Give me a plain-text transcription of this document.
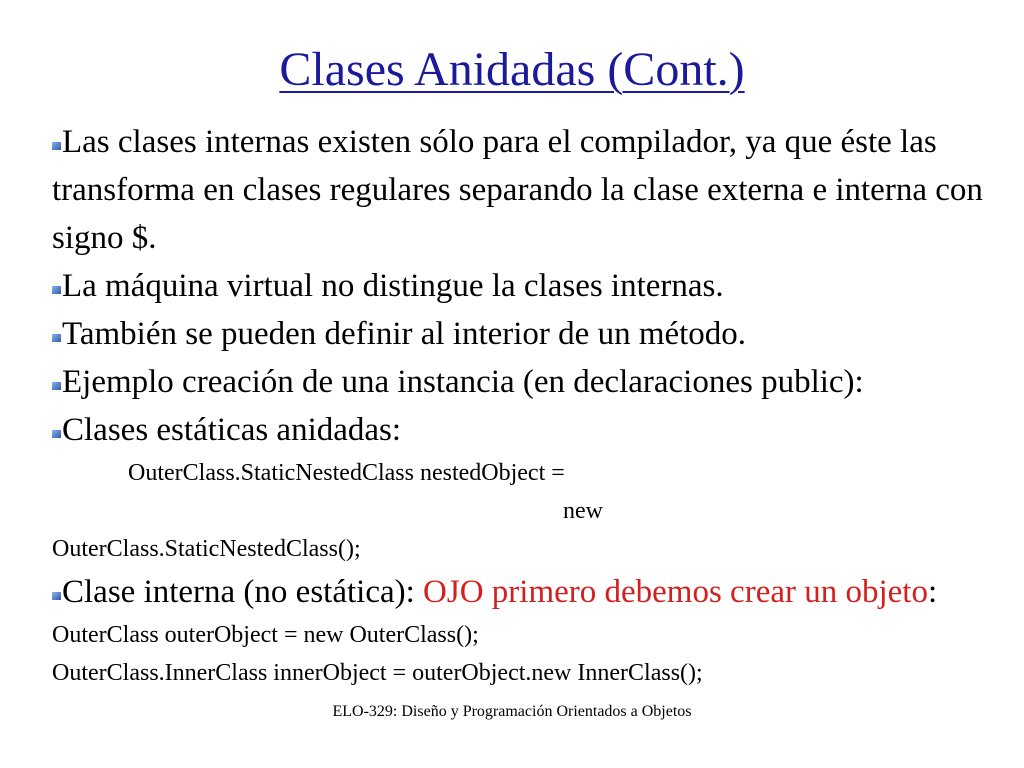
Clases Anidadas (Cont.)

Las clases internas existen sólo para el compilador, ya que éste las transforma en clases regulares separando la clase externa e interna con signo $.

La máquina virtual no distingue la clases internas.

También se pueden definir al interior de un método.

Ejemplo creación de una instancia (en declaraciones public):

Clases estáticas anidadas:

OuterClass.StaticNestedClass nestedObject =

new

OuterClass.StaticNestedClass();

Clase interna (no estática): OJO primero debemos crear un objeto:

OuterClass outerObject = new OuterClass();

OuterClass.InnerClass innerObject = outerObject.new InnerClass();

ELO-329: Diseño y Programación Orientados a Objetos
